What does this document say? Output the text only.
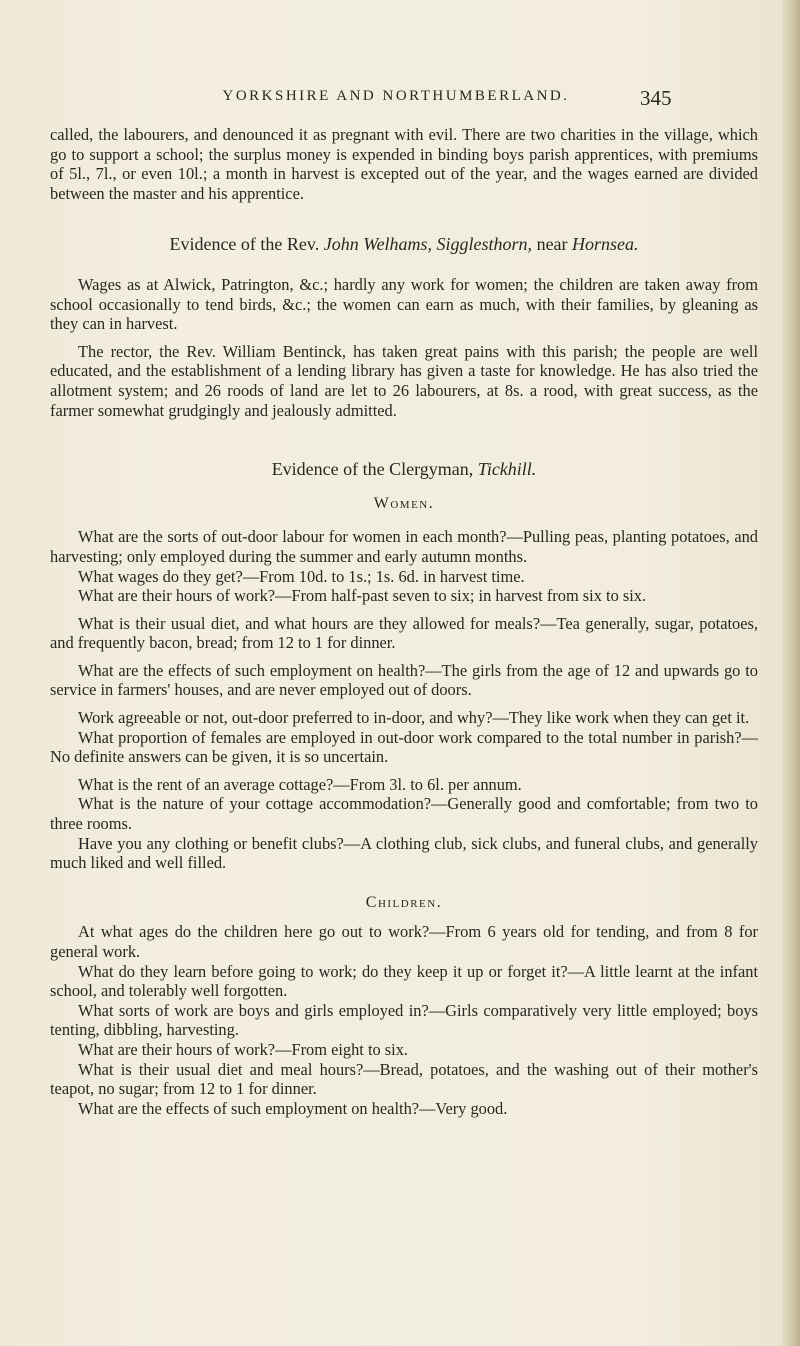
YORKSHIRE AND NORTHUMBERLAND.	345

called, the labourers, and denounced it as pregnant with evil. There are two charities in the village, which go to support a school; the surplus money is expended in binding boys parish apprentices, with premiums of 5l., 7l., or even 10l.; a month in harvest is excepted out of the year, and the wages earned are divided between the master and his apprentice.

Evidence of the Rev. John Welhams, Sigglesthorn, near Hornsea.

Wages as at Alwick, Patrington, &c.; hardly any work for women; the children are taken away from school occasionally to tend birds, &c.; the women can earn as much, with their families, by gleaning as they can in harvest.

The rector, the Rev. William Bentinck, has taken great pains with this parish; the people are well educated, and the establishment of a lending library has given a taste for knowledge. He has also tried the allotment system; and 26 roods of land are let to 26 labourers, at 8s. a rood, with great success, as the farmer somewhat grudgingly and jealously admitted.

Evidence of the Clergyman, Tickhill.
Women.

What are the sorts of out-door labour for women in each month?—Pulling peas, planting potatoes, and harvesting; only employed during the summer and early autumn months.

What wages do they get?—From 10d. to 1s.; 1s. 6d. in harvest time.

What are their hours of work?—From half-past seven to six; in harvest from six to six.

What is their usual diet, and what hours are they allowed for meals?—Tea generally, sugar, potatoes, and frequently bacon, bread; from 12 to 1 for dinner.

What are the effects of such employment on health?—The girls from the age of 12 and upwards go to service in farmers' houses, and are never employed out of doors.

Work agreeable or not, out-door preferred to in-door, and why?—They like work when they can get it.

What proportion of females are employed in out-door work compared to the total number in parish?—No definite answers can be given, it is so uncertain.

What is the rent of an average cottage?—From 3l. to 6l. per annum.

What is the nature of your cottage accommodation?—Generally good and comfortable; from two to three rooms.

Have you any clothing or benefit clubs?—A clothing club, sick clubs, and funeral clubs, and generally much liked and well filled.

Children.

At what ages do the children here go out to work?—From 6 years old for tending, and from 8 for general work.

What do they learn before going to work; do they keep it up or forget it?—A little learnt at the infant school, and tolerably well forgotten.

What sorts of work are boys and girls employed in?—Girls comparatively very little employed; boys tenting, dibbling, harvesting.

What are their hours of work?—From eight to six.

What is their usual diet and meal hours?—Bread, potatoes, and the washing out of their mother's teapot, no sugar; from 12 to 1 for dinner.

What are the effects of such employment on health?—Very good.
